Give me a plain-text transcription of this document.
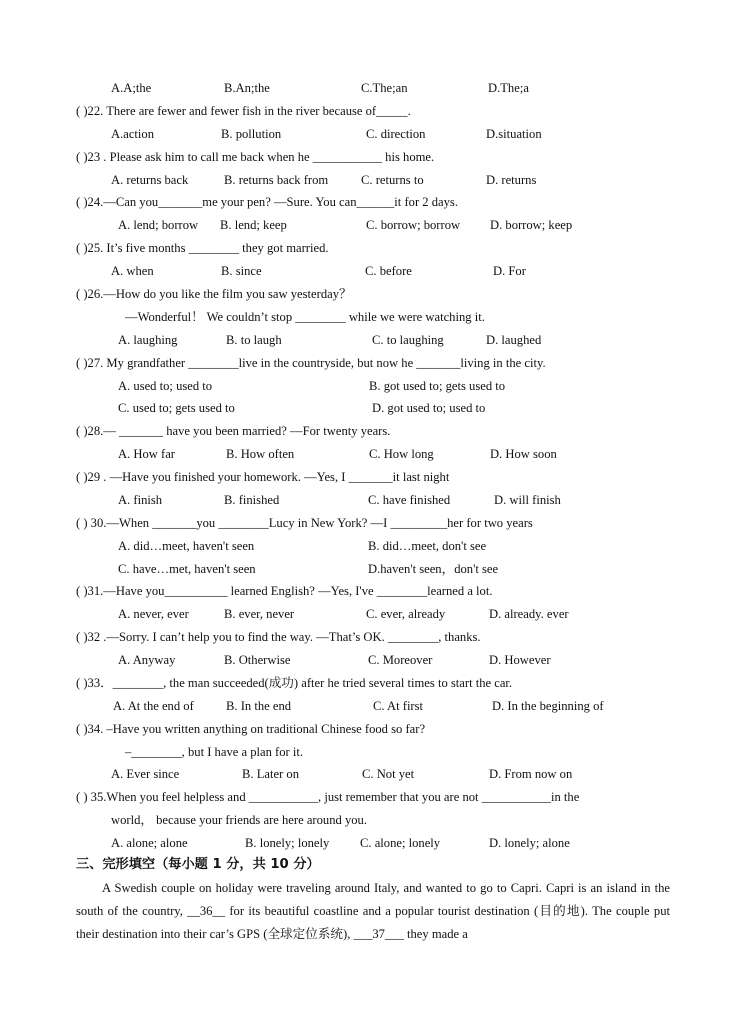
A.A;the	B.An;the	C.The;an	D.The;a
( )22. There are fewer and fewer fish in the river because of_____.
A.action	B. pollution	C. direction	D.situation
( )23 . Please ask him to call me back when he ___________ his home.
A. returns back	B. returns back from	C. returns to	D. returns
( )24.—Can you_______me your pen? —Sure. You can______it for 2 days.
A. lend; borrow B. lend; keep	C. borrow; borrow D. borrow; keep
( )25. It’s five months ________ they got married.
A. when	B. since	C. before	D. For
( )26.—How do you like the film you saw yesterday？
—Wonderful！ We couldn’t stop ________ while we were watching it.
A. laughing	B. to laugh	C. to laughing	D. laughed
( )27. My grandfather ________live in the countryside, but now he _______living in the city.
A. used to; used to	B. got used to; gets used to
C. used to; gets used to	D. got used to; used to
( )28.— _______ have you been married? —For twenty years.
A. How far	B. How often	C. How long	D. How soon
( )29 . —Have you finished your homework. —Yes, I _______it last night
A. finish	B. finished	C. have finished	D. will finish
( ) 30.—When _______you ________Lucy in New York? —I _________her for two years
A. did…meet, haven't seen	B. did…meet, don't see
C. have…met, haven't seen	D.haven't seen，don't see
( )31.—Have you__________ learned English? —Yes, I've ________learned a lot.
A. never, ever	B. ever, never	C. ever, already	D. already. ever
( )32 .—Sorry. I can’t help you to find the way. —That’s OK. ________, thanks.
A. Anyway	B. Otherwise	C. Moreover	D. However
( )33．________, the man succeeded(成功) after he tried several times to start the car.
A. At the end of	B. In the end	C. At first	D. In the beginning of
( )34. –Have you written anything on traditional Chinese food so far?
–________, but I have a plan for it.
A. Ever since	B. Later on	C. Not yet	D. From now on
( ) 35.When you feel helpless and ___________, just remember that you are not ___________in the
world， because your friends are here around you.
A. alone; alone	B. lonely; lonely C. alone; lonely	D. lonely; alone
三、完形填空（每小题 1 分，共 10 分）

A Swedish couple on holiday were traveling around Italy, and wanted to go to Capri. Capri is an island in the south of the country, __36__ for its beautiful coastline and a popular tourist destination (目的地). The couple put their destination into their car’s GPS (全球定位系统), ___37___ they made a
